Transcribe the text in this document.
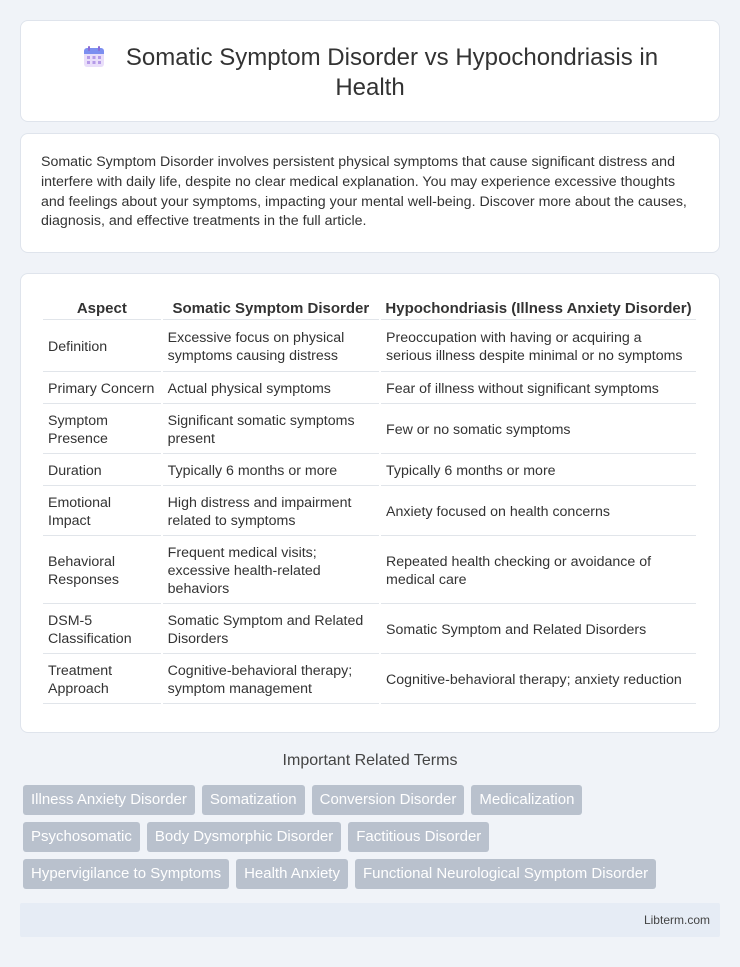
Somatic Symptom Disorder vs Hypochondriasis in Health

Somatic Symptom Disorder involves persistent physical symptoms that cause significant distress and interfere with daily life, despite no clear medical explanation. You may experience excessive thoughts and feelings about your symptoms, impacting your mental well-being. Discover more about the causes, diagnosis, and effective treatments in the full article.

Aspect	Somatic Symptom Disorder	Hypochondriasis (Illness Anxiety Disorder)
Definition	Excessive focus on physical symptoms causing distress	Preoccupation with having or acquiring a serious illness despite minimal or no symptoms
Primary Concern	Actual physical symptoms	Fear of illness without significant symptoms
Symptom Presence	Significant somatic symptoms present	Few or no somatic symptoms
Duration	Typically 6 months or more	Typically 6 months or more
Emotional Impact	High distress and impairment related to symptoms	Anxiety focused on health concerns
Behavioral Responses	Frequent medical visits; excessive health-related behaviors	Repeated health checking or avoidance of medical care
DSM-5 Classification	Somatic Symptom and Related Disorders	Somatic Symptom and Related Disorders
Treatment Approach	Cognitive-behavioral therapy; symptom management	Cognitive-behavioral therapy; anxiety reduction
Important Related Terms
Illness Anxiety Disorder	Somatization	Conversion Disorder	Medicalization
Psychosomatic	Body Dysmorphic Disorder	Factitious Disorder
Hypervigilance to Symptoms	Health Anxiety	Functional Neurological Symptom Disorder
Libterm.com
